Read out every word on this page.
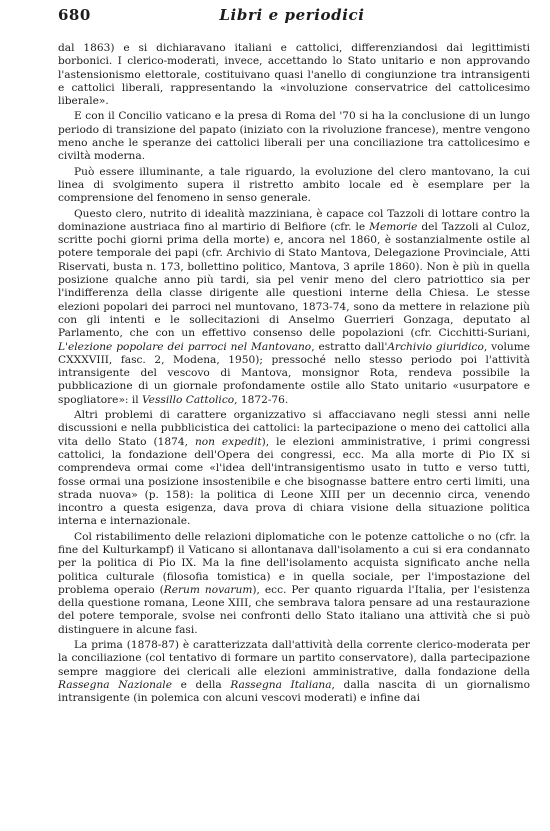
680	Libri e periodici

dal 1863) e si dichiaravano italiani e cattolici, differenziandosi dai legittimisti borbonici. I clerico-moderati, invece, accettando lo Stato unitario e non approvando l'astensionismo elettorale, costituivano quasi l'anello di congiunzione tra intransigenti e cattolici liberali, rappresentando la «involuzione conservatrice del cattolicesimo liberale».

E con il Concilio vaticano e la presa di Roma del '70 si ha la conclusione di un lungo periodo di transizione del papato (iniziato con la rivoluzione francese), mentre vengono meno anche le speranze dei cattolici liberali per una conciliazione tra cattolicesimo e civiltà moderna.

Può essere illuminante, a tale riguardo, la evoluzione del clero mantovano, la cui linea di svolgimento supera il ristretto ambito locale ed è esemplare per la comprensione del fenomeno in senso generale.

Questo clero, nutrito di idealità mazziniana, è capace col Tazzoli di lottare contro la dominazione austriaca fino al martirio di Belfiore (cfr. le Memorie del Tazzoli al Culoz, scritte pochi giorni prima della morte) e, ancora nel 1860, è sostanzialmente ostile al potere temporale dei papi (cfr. Archivio di Stato Mantova, Delegazione Provinciale, Atti Riservati, busta n. 173, bollettino politico, Mantova, 3 aprile 1860). Non è più in quella posizione qualche anno più tardi, sia pel venir meno del clero patriottico sia per l'indifferenza della classe dirigente alle questioni interne della Chiesa. Le stesse elezioni popolari dei parroci nel muntovano, 1873-74, sono da mettere in relazione più con gli intenti e le sollecitazioni di Anselmo Guerrieri Gonzaga, deputato al Parlamento, che con un effettivo consenso delle popolazioni (cfr. Cicchitti-Suriani, L'elezione popolare dei parroci nel Mantovano, estratto dall'Archivio giuridico, volume CXXXVIII, fasc. 2, Modena, 1950); pressoché nello stesso periodo poi l'attività intransigente del vescovo di Mantova, monsignor Rota, rendeva possibile la pubblicazione di un giornale profondamente ostile allo Stato unitario «usurpatore e spogliatore»: il Vessillo Cattolico, 1872-76.

Altri problemi di carattere organizzativo si affacciavano negli stessi anni nelle discussioni e nella pubblicistica dei cattolici: la partecipazione o meno dei cattolici alla vita dello Stato (1874, non expedit), le elezioni amministrative, i primi congressi cattolici, la fondazione dell'Opera dei congressi, ecc. Ma alla morte di Pio IX si comprendeva ormai come «l'idea dell'intransigentismo usato in tutto e verso tutti, fosse ormai una posizione insostenibile e che bisognasse battere entro certi limiti, una strada nuova» (p. 158): la politica di Leone XIII per un decennio circa, venendo incontro a questa esigenza, dava prova di chiara visione della situazione politica interna e internazionale.

Col ristabilimento delle relazioni diplomatiche con le potenze cattoliche o no (cfr. la fine del Kulturkampf) il Vaticano si allontanava dall'isolamento a cui si era condannato per la politica di Pio IX. Ma la fine dell'isolamento acquista significato anche nella politica culturale (filosofia tomistica) e in quella sociale, per l'impostazione del problema operaio (Rerum novarum), ecc. Per quanto riguarda l'Italia, per l'esistenza della questione romana, Leone XIII, che sembrava talora pensare ad una restaurazione del potere temporale, svolse nei confronti dello Stato italiano una attività che si può distinguere in alcune fasi.

La prima (1878-87) è caratterizzata dall'attività della corrente clerico-moderata per la conciliazione (col tentativo di formare un partito conservatore), dalla partecipazione sempre maggiore dei clericali alle elezioni amministrative, dalla fondazione della Rassegna Nazionale e della Rassegna Italiana, dalla nascita di un giornalismo intransigente (in polemica con alcuni vescovi moderati) e infine dai
